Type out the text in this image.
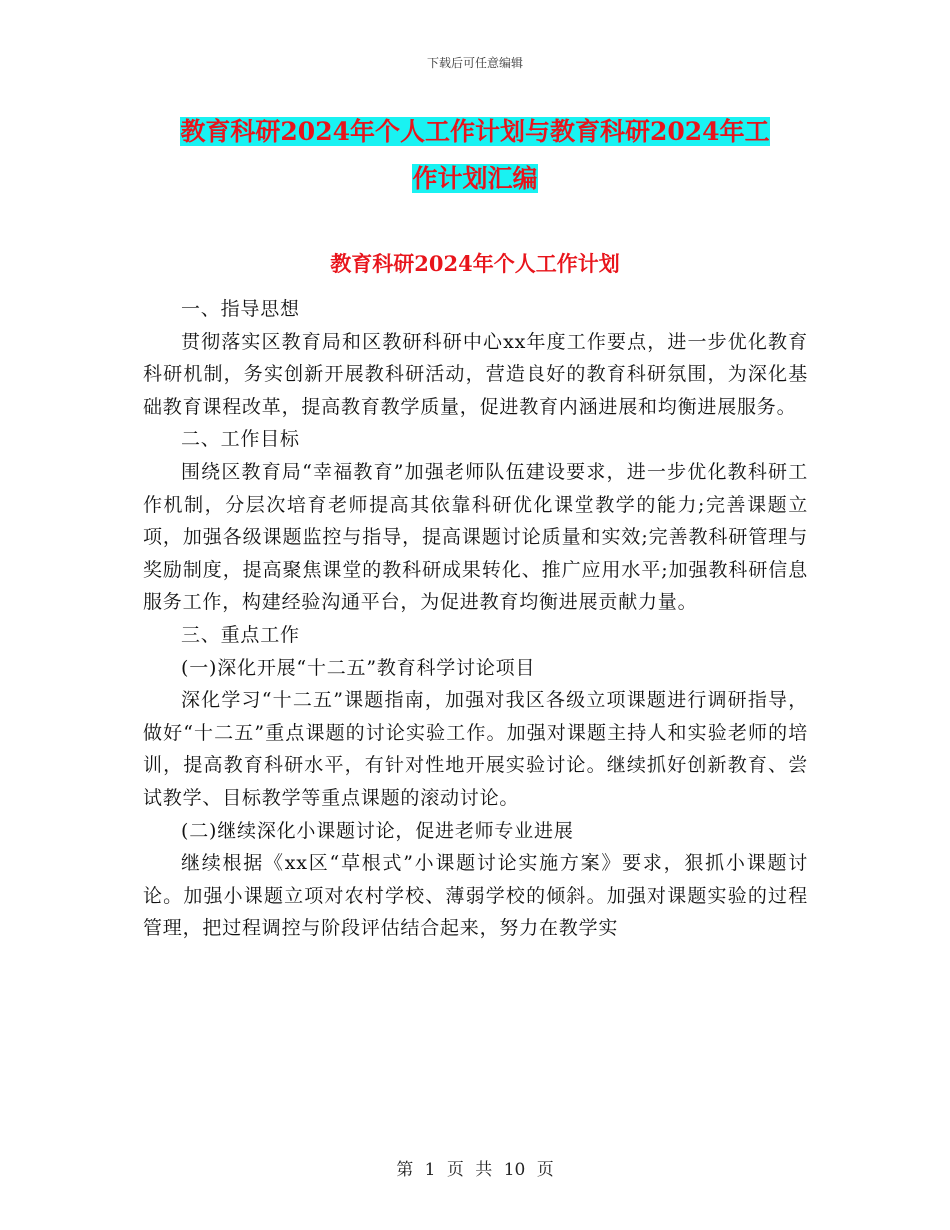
下载后可任意编辑
教育科研2024年个人工作计划与教育科研2024年工
作计划汇编
教育科研2024年个人工作计划

一、指导思想

贯彻落实区教育局和区教研科研中心xx年度工作要点，进一步优化教育科研机制，务实创新开展教科研活动，营造良好的教育科研氛围，为深化基础教育课程改革，提高教育教学质量，促进教育内涵进展和均衡进展服务。

二、工作目标

围绕区教育局“幸福教育”加强老师队伍建设要求，进一步优化教科研工作机制，分层次培育老师提高其依靠科研优化课堂教学的能力;完善课题立项，加强各级课题监控与指导，提高课题讨论质量和实效;完善教科研管理与奖励制度，提高聚焦课堂的教科研成果转化、推广应用水平;加强教科研信息服务工作，构建经验沟通平台，为促进教育均衡进展贡献力量。

三、重点工作

(一)深化开展“十二五”教育科学讨论项目

深化学习“十二五”课题指南，加强对我区各级立项课题进行调研指导，做好“十二五”重点课题的讨论实验工作。加强对课题主持人和实验老师的培训，提高教育科研水平，有针对性地开展实验讨论。继续抓好创新教育、尝试教学、目标教学等重点课题的滚动讨论。

(二)继续深化小课题讨论，促进老师专业进展

继续根据《xx区“草根式”小课题讨论实施方案》要求，狠抓小课题讨论。加强小课题立项对农村学校、薄弱学校的倾斜。加强对课题实验的过程管理，把过程调控与阶段评估结合起来，努力在教学实

第 1 页 共 10 页
